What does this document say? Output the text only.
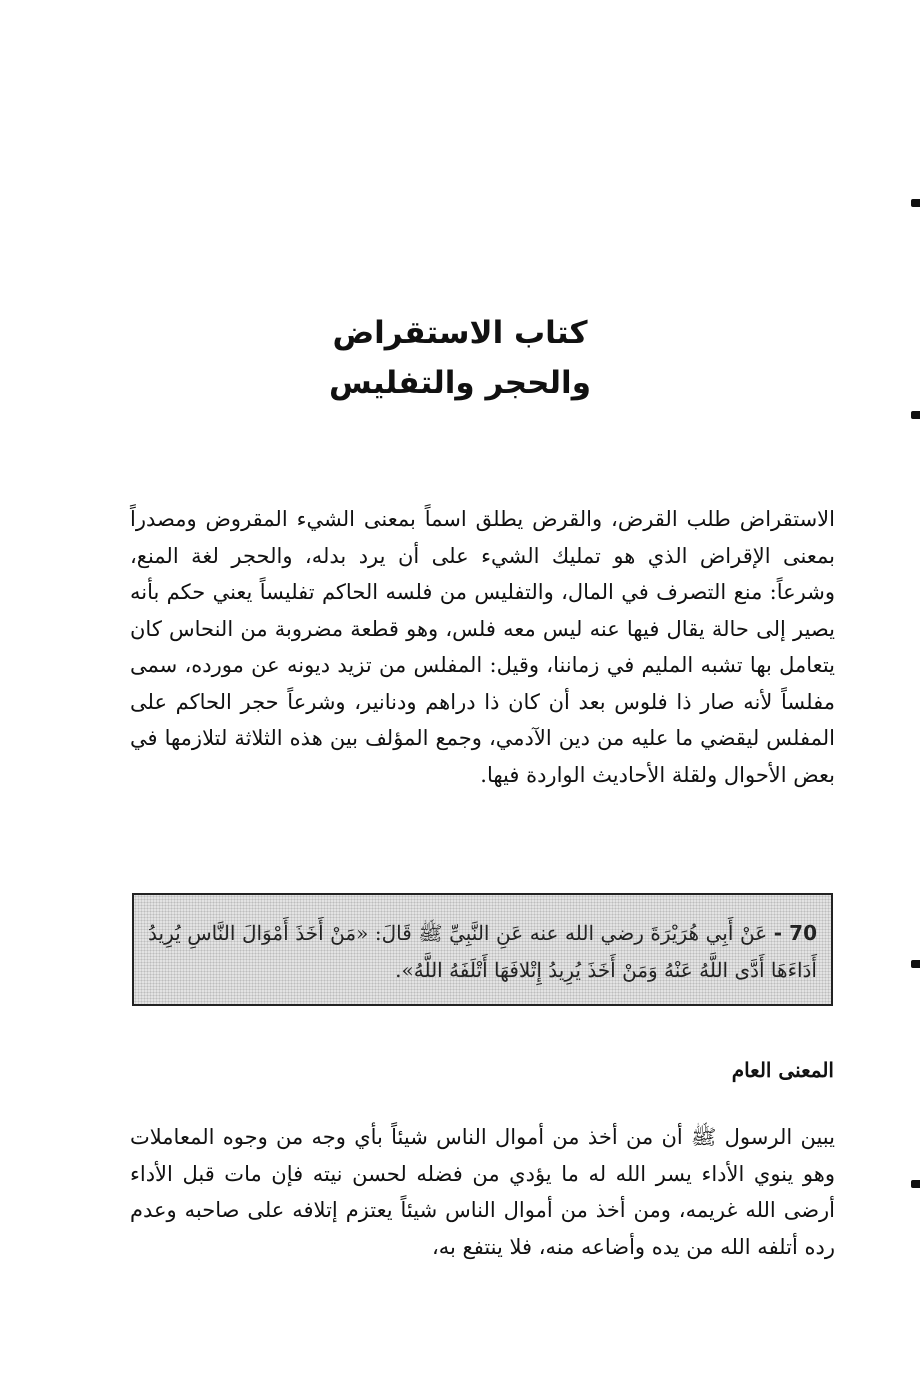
كتاب الاستقراض

والحجر والتفليس

الاستقراض طلب القرض، والقرض يطلق اسماً بمعنى الشيء المقروض ومصدراً بمعنى الإقراض الذي هو تمليك الشيء على أن يرد بدله، والحجر لغة المنع، وشرعاً: منع التصرف في المال، والتفليس من فلسه الحاكم تفليساً يعني حكم بأنه يصير إلى حالة يقال فيها عنه ليس معه فلس، وهو قطعة مضروبة من النحاس كان يتعامل بها تشبه المليم في زماننا، وقيل: المفلس من تزيد ديونه عن مورده، سمى مفلساً لأنه صار ذا فلوس بعد أن كان ذا دراهم ودنانير، وشرعاً حجر الحاكم على المفلس ليقضي ما عليه من دين الآدمي، وجمع المؤلف بين هذه الثلاثة لتلازمها في بعض الأحوال ولقلة الأحاديث الواردة فيها.

70 - عَنْ أَبِي هُرَيْرَةَ رضي الله عنه عَنِ النَّبِيِّ ﷺ قَالَ: «مَنْ أَخَذَ أَمْوَالَ النَّاسِ يُرِيدُ أَدَاءَهَا أَدَّى اللَّهُ عَنْهُ وَمَنْ أَخَذَ يُرِيدُ إِتْلافَهَا أَتْلَفَهُ اللَّهُ».

المعنى العام

يبين الرسول ﷺ أن من أخذ من أموال الناس شيئاً بأي وجه من وجوه المعاملات وهو ينوي الأداء يسر الله له ما يؤدي من فضله لحسن نيته فإن مات قبل الأداء أرضى الله غريمه، ومن أخذ من أموال الناس شيئاً يعتزم إتلافه على صاحبه وعدم رده أتلفه الله من يده وأضاعه منه، فلا ينتفع به،
